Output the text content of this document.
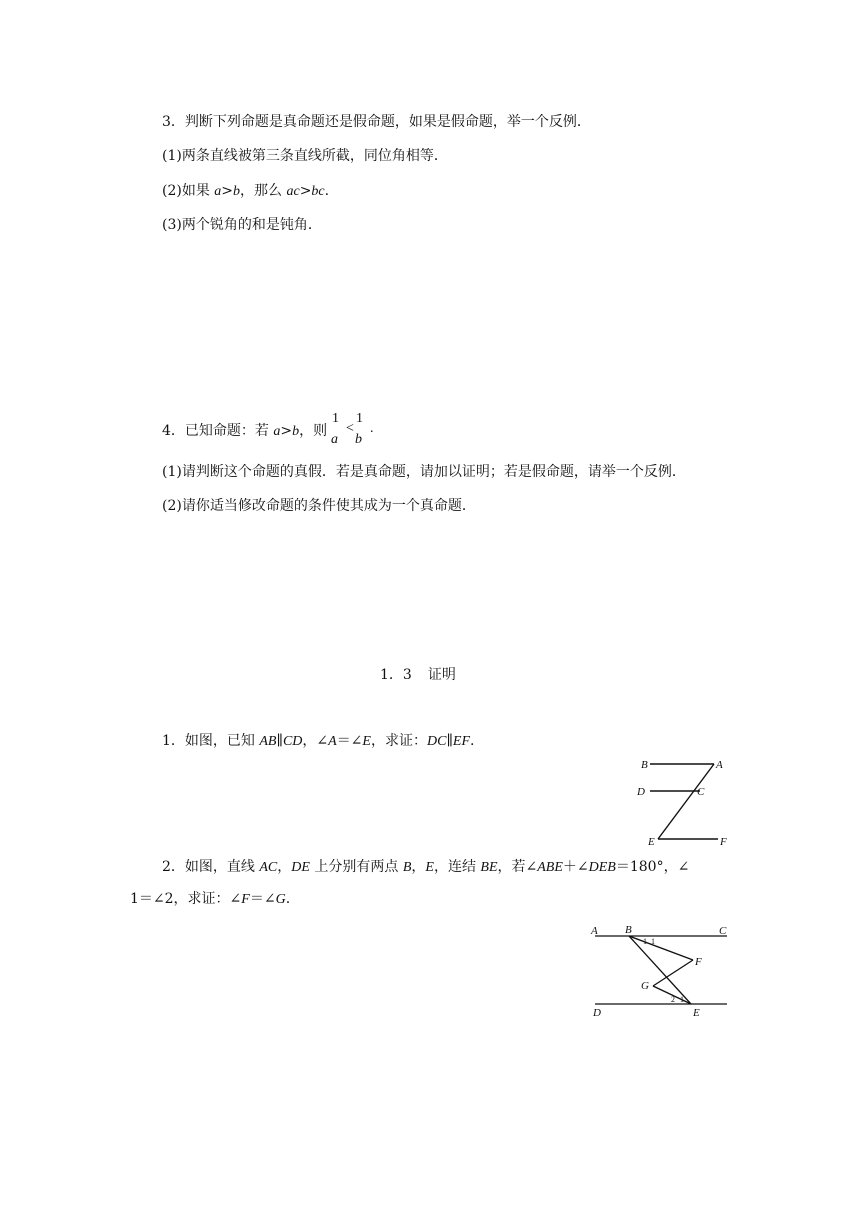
3．判断下列命题是真命题还是假命题，如果是假命题，举一个反例．
(1)两条直线被第三条直线所截，同位角相等．
(2)如果 a>b，那么 ac>bc.
(3)两个锐角的和是钝角．
4．已知命题：若 a>b，则
1
a
<
1
b
.
(1)请判断这个命题的真假．若是真命题，请加以证明；若是假命题，请举一个反例．
(2)请你适当修改命题的条件使其成为一个真命题．
1．3 证明
1．如图，已知 AB∥CD，∠A＝∠E，求证：DC∥EF.
B	A
D	C
E	F
2．如图，直线 AC，DE 上分别有两点 B，E，连结 BE，若∠ABE＋∠DEB＝180°，∠
1＝∠2，求证：∠F＝∠G.
A B	C
F
G
D	E
1 1
2 1
